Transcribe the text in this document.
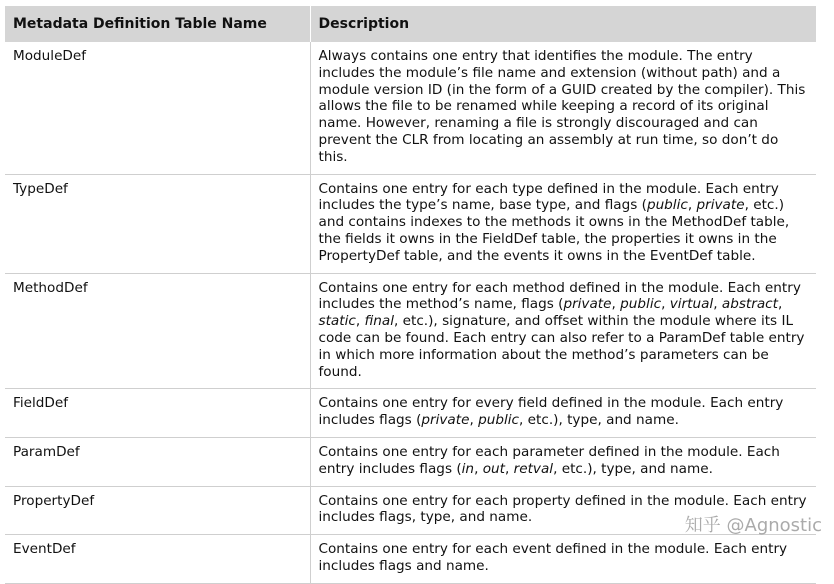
Metadata Definition Table Name	Description
ModuleDef	Always contains one entry that identifies the module. The entry includes the module’s file name and extension (without path) and a module version ID (in the form of a GUID created by the compiler). This allows the file to be renamed while keeping a record of its original name. However, renaming a file is strongly discouraged and can prevent the CLR from locating an assembly at run time, so don’t do this.
TypeDef	Contains one entry for each type defined in the module. Each entry includes the type’s name, base type, and flags (public, private, etc.) and contains indexes to the methods it owns in the MethodDef table, the fields it owns in the FieldDef table, the properties it owns in the PropertyDef table, and the events it owns in the EventDef table.
MethodDef	Contains one entry for each method defined in the module. Each entry includes the method’s name, flags (private, public, virtual, abstract, static, final, etc.), signature, and offset within the module where its IL code can be found. Each entry can also refer to a ParamDef table entry in which more information about the method’s parameters can be found.
FieldDef	Contains one entry for every field defined in the module. Each entry includes flags (private, public, etc.), type, and name.
ParamDef	Contains one entry for each parameter defined in the module. Each entry includes flags (in, out, retval, etc.), type, and name.
PropertyDef	Contains one entry for each property defined in the module. Each entry includes flags, type, and name.
EventDef	Contains one entry for each event defined in the module. Each entry includes flags and name.
知乎 @Agnostic
